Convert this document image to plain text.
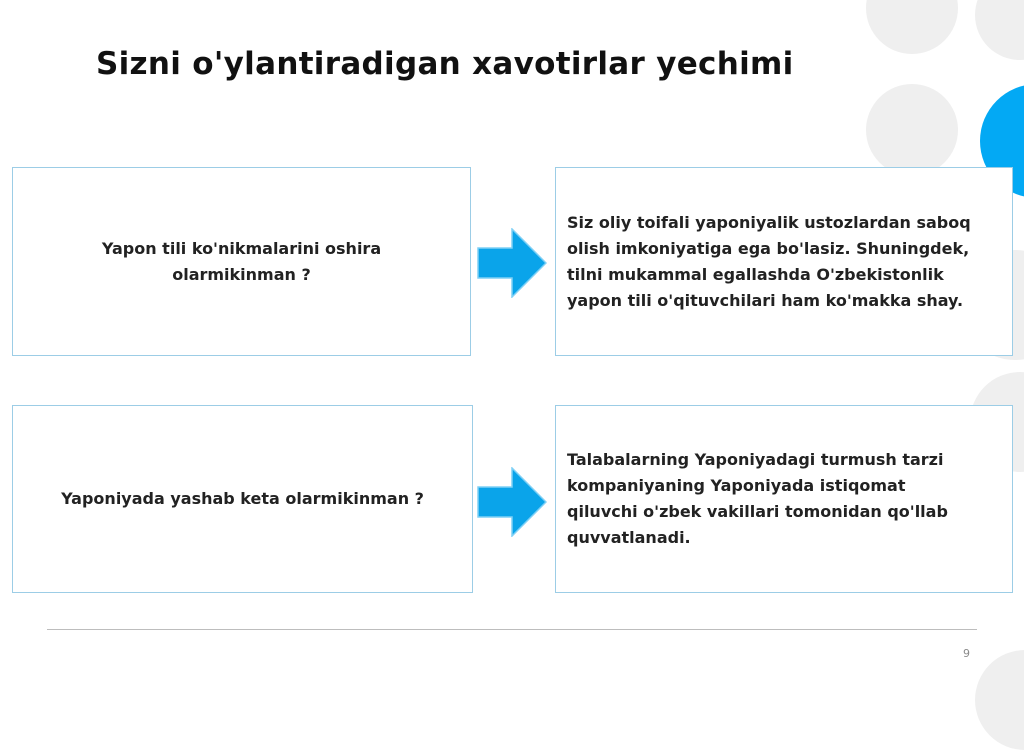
Sizni o'ylantiradigan xavotirlar yechimi
Yapon tili ko'nikmalarini oshira olarmikinman ?
Siz oliy toifali yaponiyalik ustozlardan saboq olish imkoniyatiga ega bo'lasiz. Shuningdek, tilni mukammal egallashda O'zbekistonlik yapon tili o'qituvchilari ham ko'makka shay.
Yaponiyada yashab keta olarmikinman ?
Talabalarning Yaponiyadagi turmush tarzi kompaniyaning Yaponiyada istiqomat qiluvchi o'zbek vakillari tomonidan qo'llab quvvatlanadi.
9
